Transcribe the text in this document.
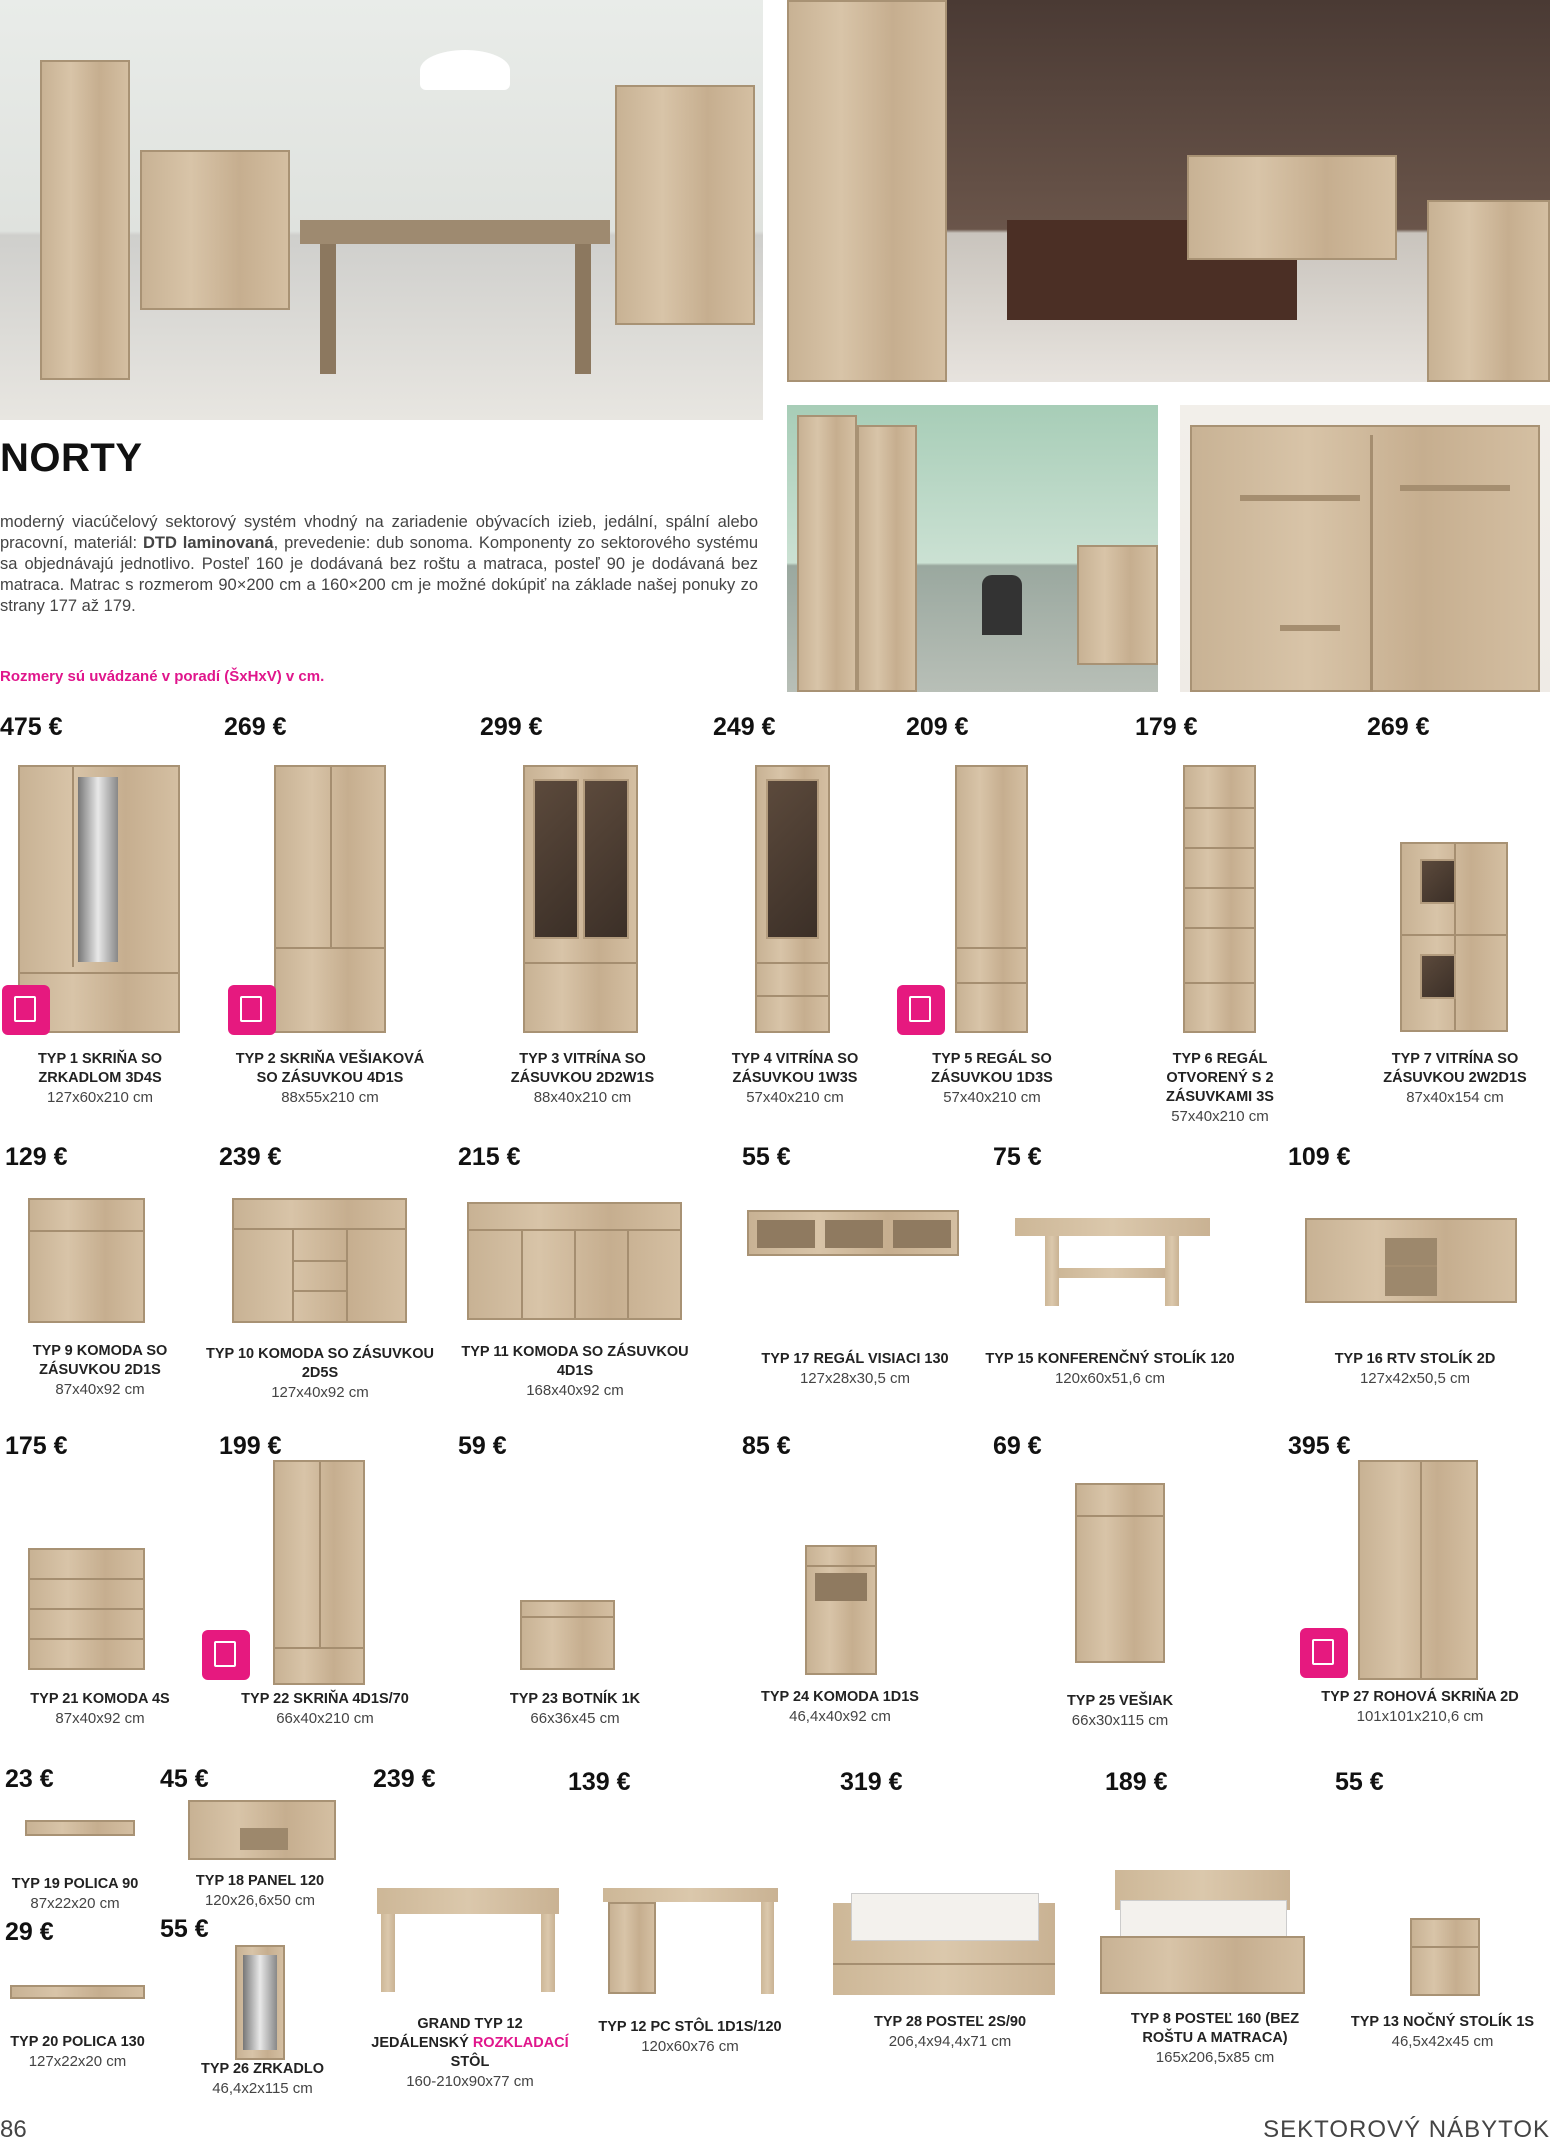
NORTY
moderný viacúčelový sektorový systém vhodný na zariadenie obývacích izieb, jedální, spální alebo pracovní, materiál: DTD laminovaná, prevedenie: dub sonoma. Komponenty zo sektorového systému sa objednávajú jednotlivo. Posteľ 160 je dodávaná bez roštu a matraca, posteľ 90 je dodávaná bez matraca. Matrac s rozmerom 90×200 cm a 160×200 cm je možné dokúpiť na základe našej ponuky zo strany 177 až 179.
Rozmery sú uvádzané v poradí (ŠxHxV) v cm.
475 €
TYP 1 SKRIŇA SO ZRKADLOM 3D4S
127x60x210 cm
269 €
TYP 2 SKRIŇA VEŠIAKOVÁ SO ZÁSUVKOU 4D1S
88x55x210 cm
299 €
TYP 3 VITRÍNA SO ZÁSUVKOU 2D2W1S
88x40x210 cm
249 €
TYP 4 VITRÍNA SO ZÁSUVKOU 1W3S
57x40x210 cm
209 €
TYP 5 REGÁL SO ZÁSUVKOU 1D3S
57x40x210 cm
179 €
TYP 6 REGÁL OTVORENÝ S 2 ZÁSUVKAMI 3S
57x40x210 cm
269 €
TYP 7 VITRÍNA SO ZÁSUVKOU 2W2D1S
87x40x154 cm
129 €
TYP 9 KOMODA SO ZÁSUVKOU 2D1S
87x40x92 cm
239 €
TYP 10 KOMODA SO ZÁSUVKOU 2D5S
127x40x92 cm
215 €
TYP 11 KOMODA SO ZÁSUVKOU 4D1S
168x40x92 cm
55 €
TYP 17 REGÁL VISIACI 130
127x28x30,5 cm
75 €
TYP 15 KONFERENČNÝ STOLÍK 120
120x60x51,6 cm
109 €
TYP 16 RTV STOLÍK 2D
127x42x50,5 cm
175 €
TYP 21 KOMODA 4S
87x40x92 cm
199 €
TYP 22 SKRIŇA 4D1S/70
66x40x210 cm
59 €
TYP 23 BOTNÍK 1K
66x36x45 cm
85 €
TYP 24 KOMODA 1D1S
46,4x40x92 cm
69 €
TYP 25 VEŠIAK
66x30x115 cm
395 €
TYP 27 ROHOVÁ SKRIŇA 2D
101x101x210,6 cm
23 €
TYP 19 POLICA 90
87x22x20 cm
45 €
TYP 18 PANEL 120
120x26,6x50 cm
29 €
TYP 20 POLICA 130
127x22x20 cm
55 €
TYP 26 ZRKADLO
46,4x2x115 cm
239 €
GRAND TYP 12 JEDÁLENSKÝ ROZKLADACÍ STÔL
160-210x90x77 cm
139 €
TYP 12 PC STÔL 1D1S/120
120x60x76 cm
319 €
TYP 28 POSTEĽ 2S/90
206,4x94,4x71 cm
189 €
TYP 8 POSTEĽ 160 (BEZ ROŠTU A MATRACA)
165x206,5x85 cm
55 €
TYP 13 NOČNÝ STOLÍK 1S
46,5x42x45 cm
86	SEKTOROVÝ NÁBYTOK
